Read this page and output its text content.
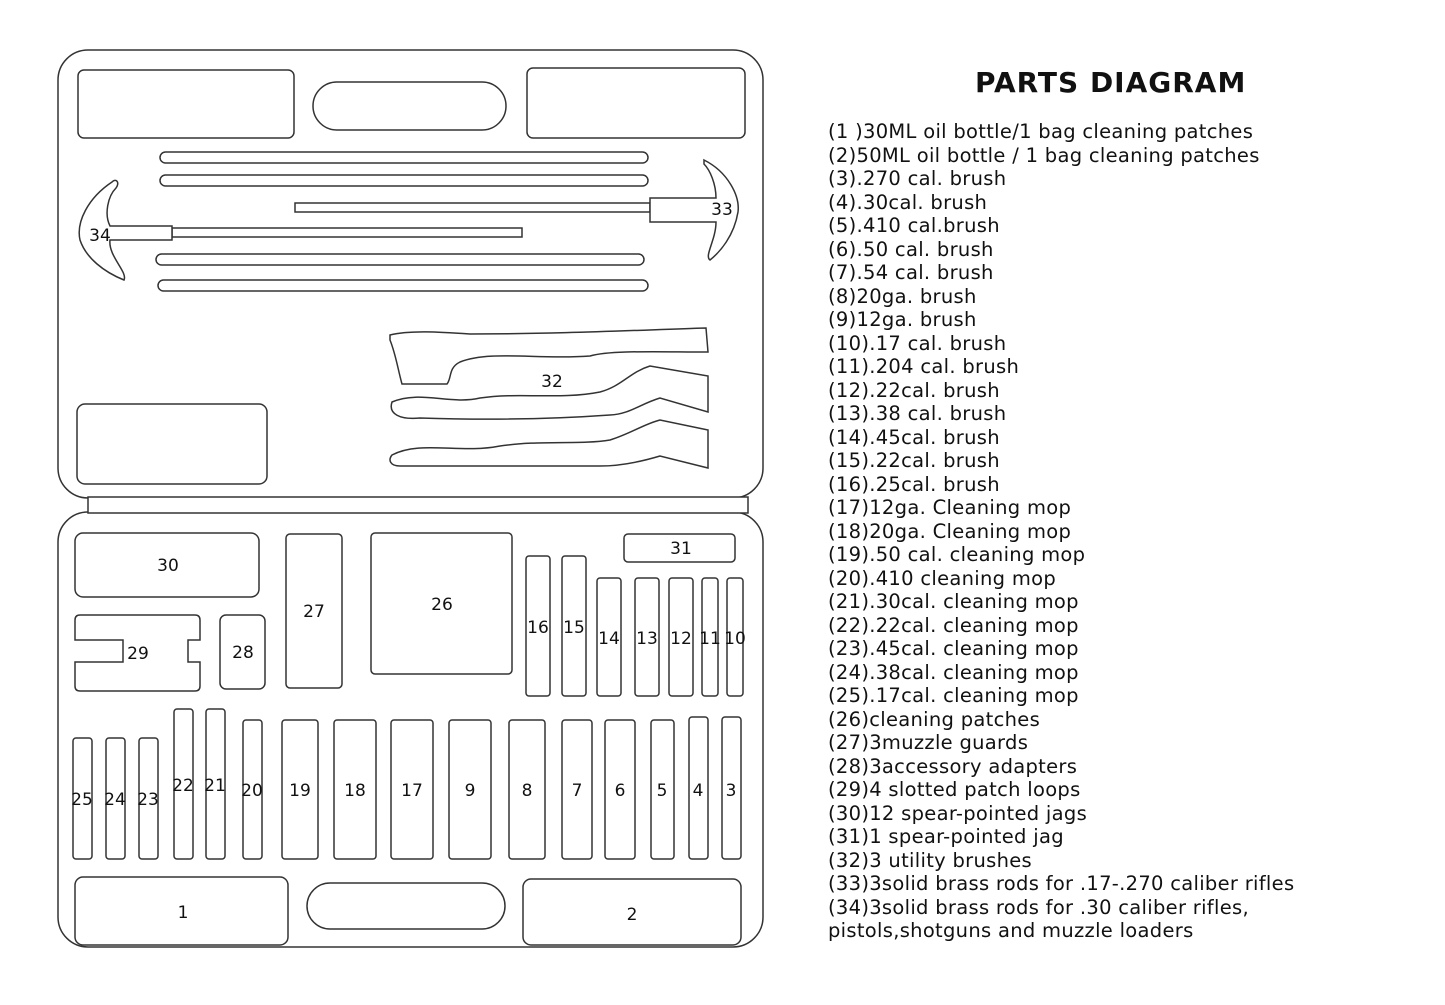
33
34
32
30
29	28
27	26
31
16 15
14 13 12 11 10
25 24 23
22 21 20 19 18 17 9	8 7 6 5 4 3
1	2
PARTS DIAGRAM
(1 )30ML oil bottle/1 bag cleaning patches
(2)50ML oil bottle / 1 bag cleaning patches
(3).270 cal. brush
(4).30cal. brush
(5).410 cal.brush
(6).50 cal. brush
(7).54 cal. brush
(8)20ga. brush
(9)12ga. brush
(10).17 cal. brush
(11).204 cal. brush
(12).22cal. brush
(13).38 cal. brush
(14).45cal. brush
(15).22cal. brush
(16).25cal. brush
(17)12ga. Cleaning mop
(18)20ga. Cleaning mop
(19).50 cal. cleaning mop
(20).410 cleaning mop
(21).30cal. cleaning mop
(22).22cal. cleaning mop
(23).45cal. cleaning mop
(24).38cal. cleaning mop
(25).17cal. cleaning mop
(26)cleaning patches
(27)3muzzle guards
(28)3accessory adapters
(29)4 slotted patch loops
(30)12 spear-pointed jags
(31)1 spear-pointed jag
(32)3 utility brushes
(33)3solid brass rods for .17-.270 caliber rifles
(34)3solid brass rods for .30 caliber rifles, pistols,shotguns and muzzle loaders
